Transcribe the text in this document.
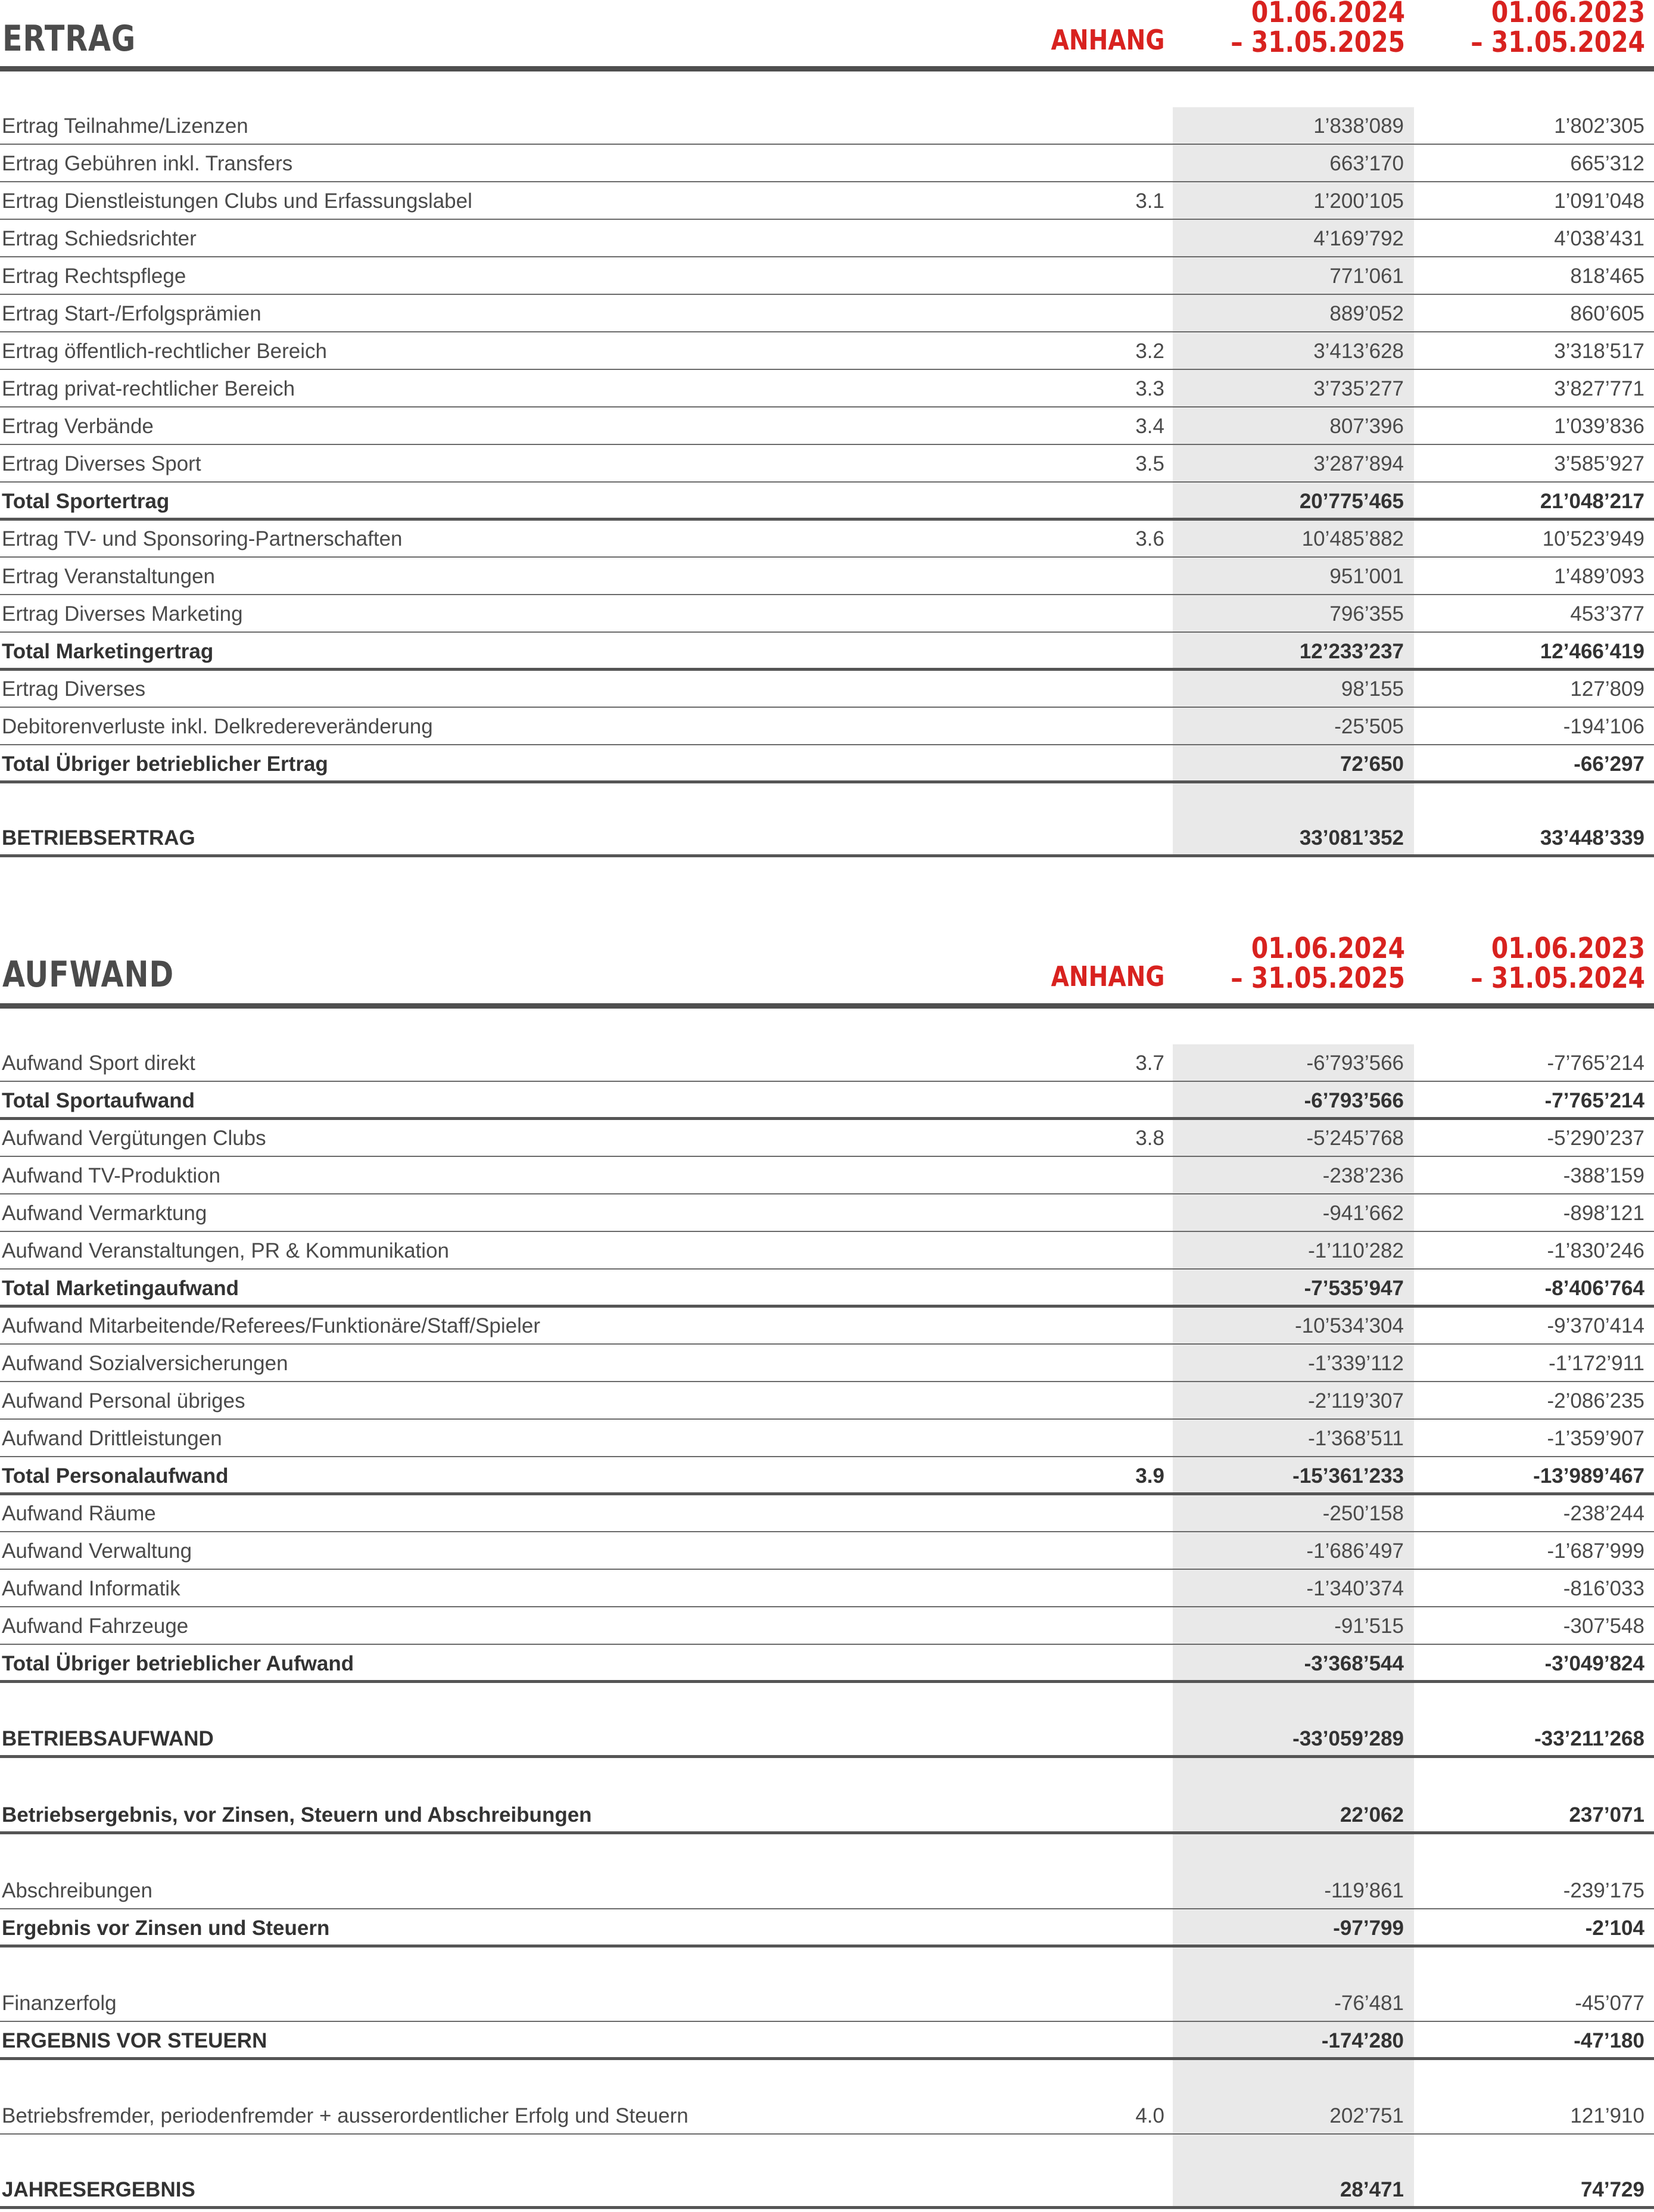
ERTRAG	ANHANG
01.06.2024
– 31.05.2025
01.06.2023
– 31.05.2024
Ertrag Teilnahme/Lizenzen	1’838’089	1’802’305
Ertrag Gebühren inkl. Transfers	663’170	665’312
Ertrag Dienstleistungen Clubs und Erfassungslabel	3.1	1’200’105	1’091’048
Ertrag Schiedsrichter	4’169’792	4’038’431
Ertrag Rechtspflege	771’061	818’465
Ertrag Start-/Erfolgsprämien	889’052	860’605
Ertrag öffentlich-rechtlicher Bereich	3.2	3’413’628	3’318’517
Ertrag privat-rechtlicher Bereich	3.3	3’735’277	3’827’771
Ertrag Verbände	3.4	807’396	1’039’836
Ertrag Diverses Sport	3.5	3’287’894	3’585’927
Total Sportertrag	20’775’465	21’048’217
Ertrag TV- und Sponsoring-Partnerschaften	3.6	10’485’882	10’523’949
Ertrag Veranstaltungen	951’001	1’489’093
Ertrag Diverses Marketing	796’355	453’377
Total Marketingertrag	12’233’237	12’466’419
Ertrag Diverses	98’155	127’809
Debitorenverluste inkl. Delkredereveränderung	-25’505	-194’106
Total Übriger betrieblicher Ertrag	72’650	-66’297
BETRIEBSERTRAG	33’081’352	33’448’339
AUFWAND	ANHANG
01.06.2024
– 31.05.2025
01.06.2023
– 31.05.2024
Aufwand Sport direkt	3.7	-6’793’566	-7’765’214
Total Sportaufwand	-6’793’566	-7’765’214
Aufwand Vergütungen Clubs	3.8	-5’245’768	-5’290’237
Aufwand TV-Produktion	-238’236	-388’159
Aufwand Vermarktung	-941’662	-898’121
Aufwand Veranstaltungen, PR & Kommunikation	-1’110’282	-1’830’246
Total Marketingaufwand	-7’535’947	-8’406’764
Aufwand Mitarbeitende/Referees/Funktionäre/Staff/Spieler	-10’534’304	-9’370’414
Aufwand Sozialversicherungen	-1’339’112	-1’172’911
Aufwand Personal übriges	-2’119’307	-2’086’235
Aufwand Drittleistungen	-1’368’511	-1’359’907
Total Personalaufwand	3.9	-15’361’233	-13’989’467
Aufwand Räume	-250’158	-238’244
Aufwand Verwaltung	-1’686’497	-1’687’999
Aufwand Informatik	-1’340’374	-816’033
Aufwand Fahrzeuge	-91’515	-307’548
Total Übriger betrieblicher Aufwand	-3’368’544	-3’049’824
BETRIEBSAUFWAND	-33’059’289	-33’211’268
Betriebsergebnis, vor Zinsen, Steuern und Abschreibungen	22’062	237’071
Abschreibungen	-119’861	-239’175
Ergebnis vor Zinsen und Steuern	-97’799	-2’104
Finanzerfolg	-76’481	-45’077
ERGEBNIS VOR STEUERN	-174’280	-47’180
Betriebsfremder, periodenfremder + ausserordentlicher Erfolg und Steuern	4.0	202’751	121’910
JAHRESERGEBNIS	28’471	74’729
